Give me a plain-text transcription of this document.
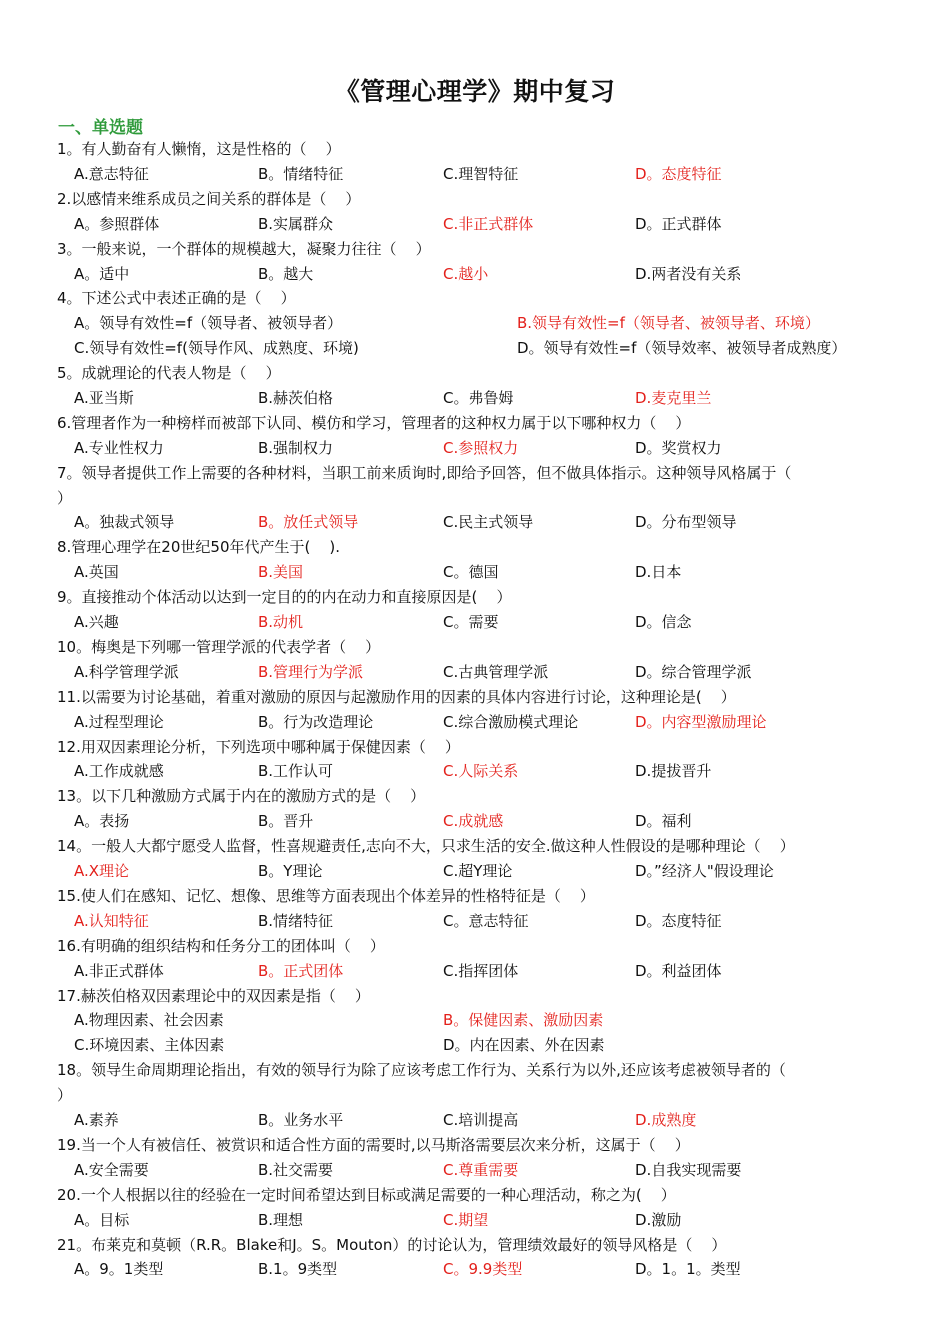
《管理心理学》期中复习
一、单选题
1。有人勤奋有人懒惰，这是性格的（    ）
A.意志特征	B。情绪特征	C.理智特征	D。态度特征
2.以感情来维系成员之间关系的群体是（    ）
A。参照群体	B.实属群众	C.非正式群体	D。正式群体
3。一般来说，一个群体的规模越大，凝聚力往往（    ）
A。适中	B。越大	C.越小	D.两者没有关系
4。下述公式中表述正确的是（    ）
A。领导有效性=f（领导者、被领导者）	B.领导有效性=f（领导者、被领导者、环境）
C.领导有效性=f(领导作风、成熟度、环境)	D。领导有效性=f（领导效率、被领导者成熟度）
5。成就理论的代表人物是（    ）
A.亚当斯	B.赫茨伯格	C。弗鲁姆	D.麦克里兰
6.管理者作为一种榜样而被部下认同、模仿和学习，管理者的这种权力属于以下哪种权力（    ）
A.专业性权力	B.强制权力	C.参照权力	D。奖赏权力
7。领导者提供工作上需要的各种材料，当职工前来质询时,即给予回答，但不做具体指示。这种领导风格属于（
）
A。独裁式领导	B。放任式领导	C.民主式领导	D。分布型领导
8.管理心理学在20世纪50年代产生于(    ).
A.英国	B.美国	C。德国	D.日本
9。直接推动个体活动以达到一定目的的内在动力和直接原因是(    ）
A.兴趣	B.动机	C。需要	D。信念
10。梅奥是下列哪一管理学派的代表学者（    ）
A.科学管理学派	B.管理行为学派	C.古典管理学派	D。综合管理学派
11.以需要为讨论基础，着重对激励的原因与起激励作用的因素的具体内容进行讨论，这种理论是(    ）
A.过程型理论	B。行为改造理论	C.综合激励模式理论	D。内容型激励理论
12.用双因素理论分析，下列选项中哪种属于保健因素（    ）
A.工作成就感	B.工作认可	C.人际关系	D.提拔晋升
13。以下几种激励方式属于内在的激励方式的是（    ）
A。表扬	B。晋升	C.成就感	D。福利
14。一般人大都宁愿受人监督，性喜规避责任,志向不大，只求生活的安全.做这种人性假设的是哪种理论（    ）
A.X理论	B。Y理论	C.超Y理论	D。”经济人"假设理论
15.使人们在感知、记忆、想像、思维等方面表现出个体差异的性格特征是（    ）
A.认知特征	B.情绪特征	C。意志特征	D。态度特征
16.有明确的组织结构和任务分工的团体叫（    ）
A.非正式群体	B。正式团体	C.指挥团体	D。利益团体
17.赫茨伯格双因素理论中的双因素是指（    ）
A.物理因素、社会因素	B。保健因素、激励因素
C.环境因素、主体因素	D。内在因素、外在因素
18。领导生命周期理论指出，有效的领导行为除了应该考虑工作行为、关系行为以外,还应该考虑被领导者的（
）
A.素养	B。业务水平	C.培训提高	D.成熟度
19.当一个人有被信任、被赏识和适合性方面的需要时,以马斯洛需要层次来分析，这属于（    ）
A.安全需要	B.社交需要	C.尊重需要	D.自我实现需要
20.一个人根据以往的经验在一定时间希望达到目标或满足需要的一种心理活动，称之为(    ）
A。目标	B.理想	C.期望	D.激励
21。布莱克和莫顿（R.R。Blake和J。S。Mouton）的讨论认为，管理绩效最好的领导风格是（    ）
A。9。1类型	B.1。9类型	C。9.9类型	D。1。1。类型
